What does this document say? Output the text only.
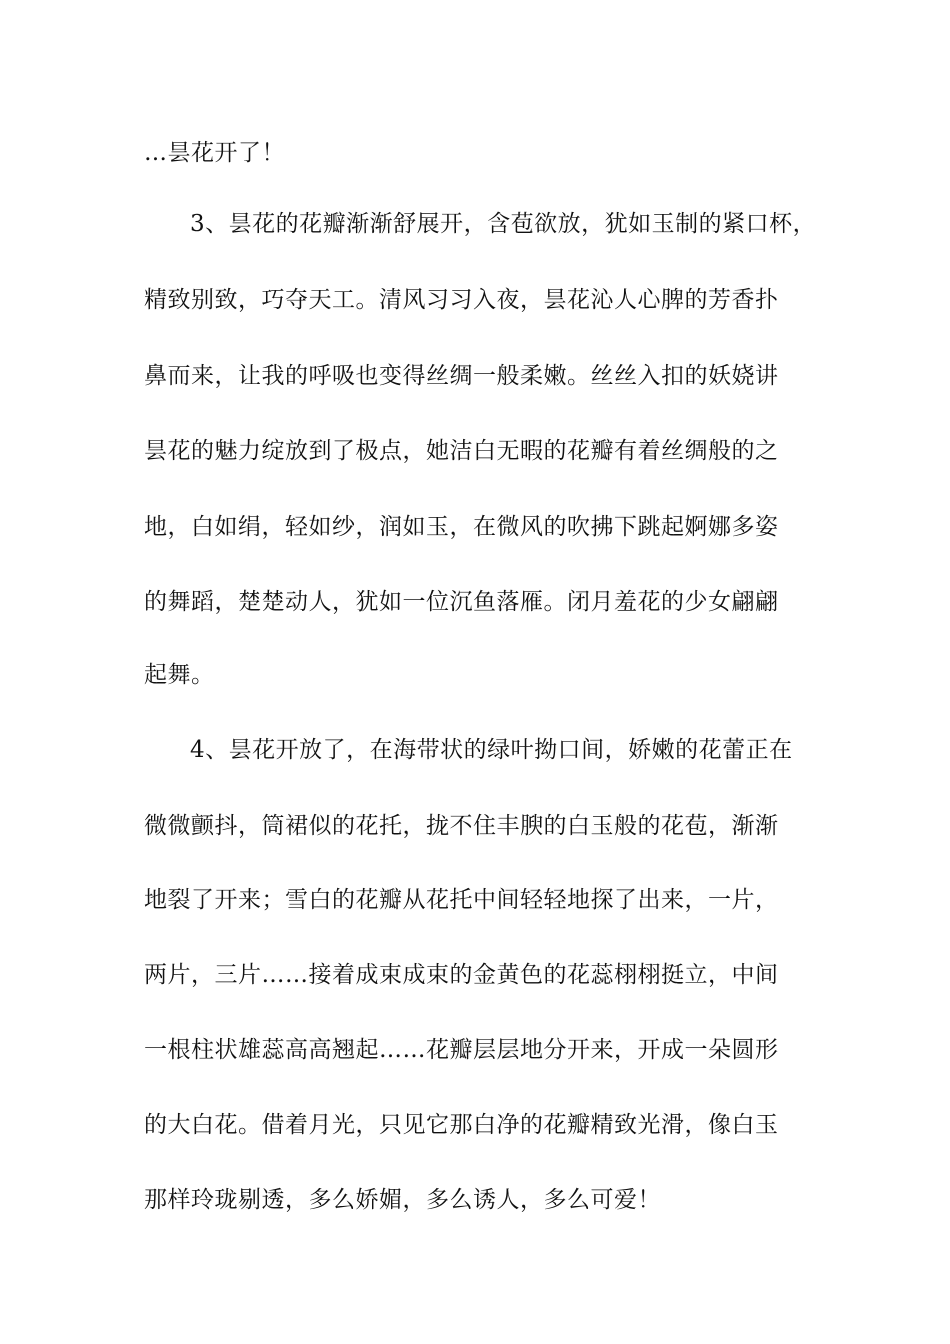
…昙花开了！
3、昙花的花瓣渐渐舒展开，含苞欲放，犹如玉制的紧口杯，
精致别致，巧夺天工。清风习习入夜，昙花沁人心脾的芳香扑
鼻而来，让我的呼吸也变得丝绸一般柔嫩。丝丝入扣的妖娆讲
昙花的魅力绽放到了极点，她洁白无暇的花瓣有着丝绸般的之
地，白如绢，轻如纱，润如玉，在微风的吹拂下跳起婀娜多姿
的舞蹈，楚楚动人，犹如一位沉鱼落雁。闭月羞花的少女翩翩
起舞。
4、昙花开放了，在海带状的绿叶拗口间，娇嫩的花蕾正在
微微颤抖，筒裙似的花托，拢不住丰腴的白玉般的花苞，渐渐
地裂了开来；雪白的花瓣从花托中间轻轻地探了出来，一片，
两片，三片……接着成束成束的金黄色的花蕊栩栩挺立，中间
一根柱状雄蕊高高翘起……花瓣层层地分开来，开成一朵圆形
的大白花。借着月光，只见它那白净的花瓣精致光滑，像白玉
那样玲珑剔透，多么娇媚，多么诱人，多么可爱！
